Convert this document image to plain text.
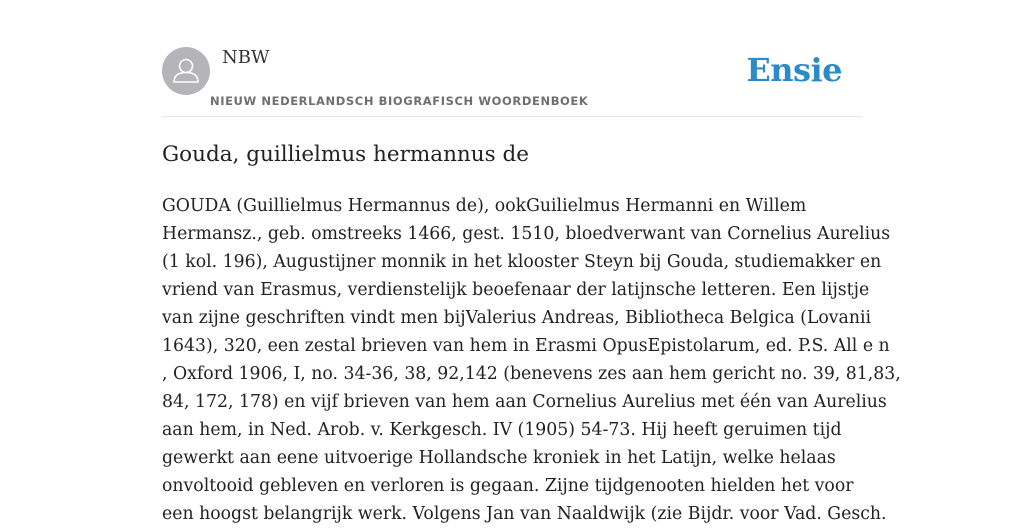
NBW
NIEUW NEDERLANDSCH BIOGRAFISCH WOORDENBOEK
Ensie
Gouda, guillielmus hermannus de

GOUDA (Guillielmus Hermannus de), ookGuilielmus Hermanni en Willem
Hermansz., geb. omstreeks 1466, gest. 1510, bloedverwant van Cornelius Aurelius
(1 kol. 196), Augustijner monnik in het klooster Steyn bij Gouda, studiemakker en
vriend van Erasmus, verdienstelijk beoefenaar der latijnsche letteren. Een lijstje
van zijne geschriften vindt men bijValerius Andreas, Bibliotheca Belgica (Lovanii
1643), 320, een zestal brieven van hem in Erasmi OpusEpistolarum, ed. P.S. All e n
, Oxford 1906, I, no. 34-36, 38, 92,142 (benevens zes aan hem gericht no. 39, 81,83,
84, 172, 178) en vijf brieven van hem aan Cornelius Aurelius met één van Aurelius
aan hem, in Ned. Arob. v. Kerkgesch. IV (1905) 54-73. Hij heeft geruimen tijd
gewerkt aan eene uitvoerige Hollandsche kroniek in het Latijn, welke helaas
onvoltooid gebleven en verloren is gegaan. Zijne tijdgenooten hielden het voor
een hoogst belangrijk werk. Volgens Jan van Naaldwijk (zie Bijdr. voor Vad. Gesch.
